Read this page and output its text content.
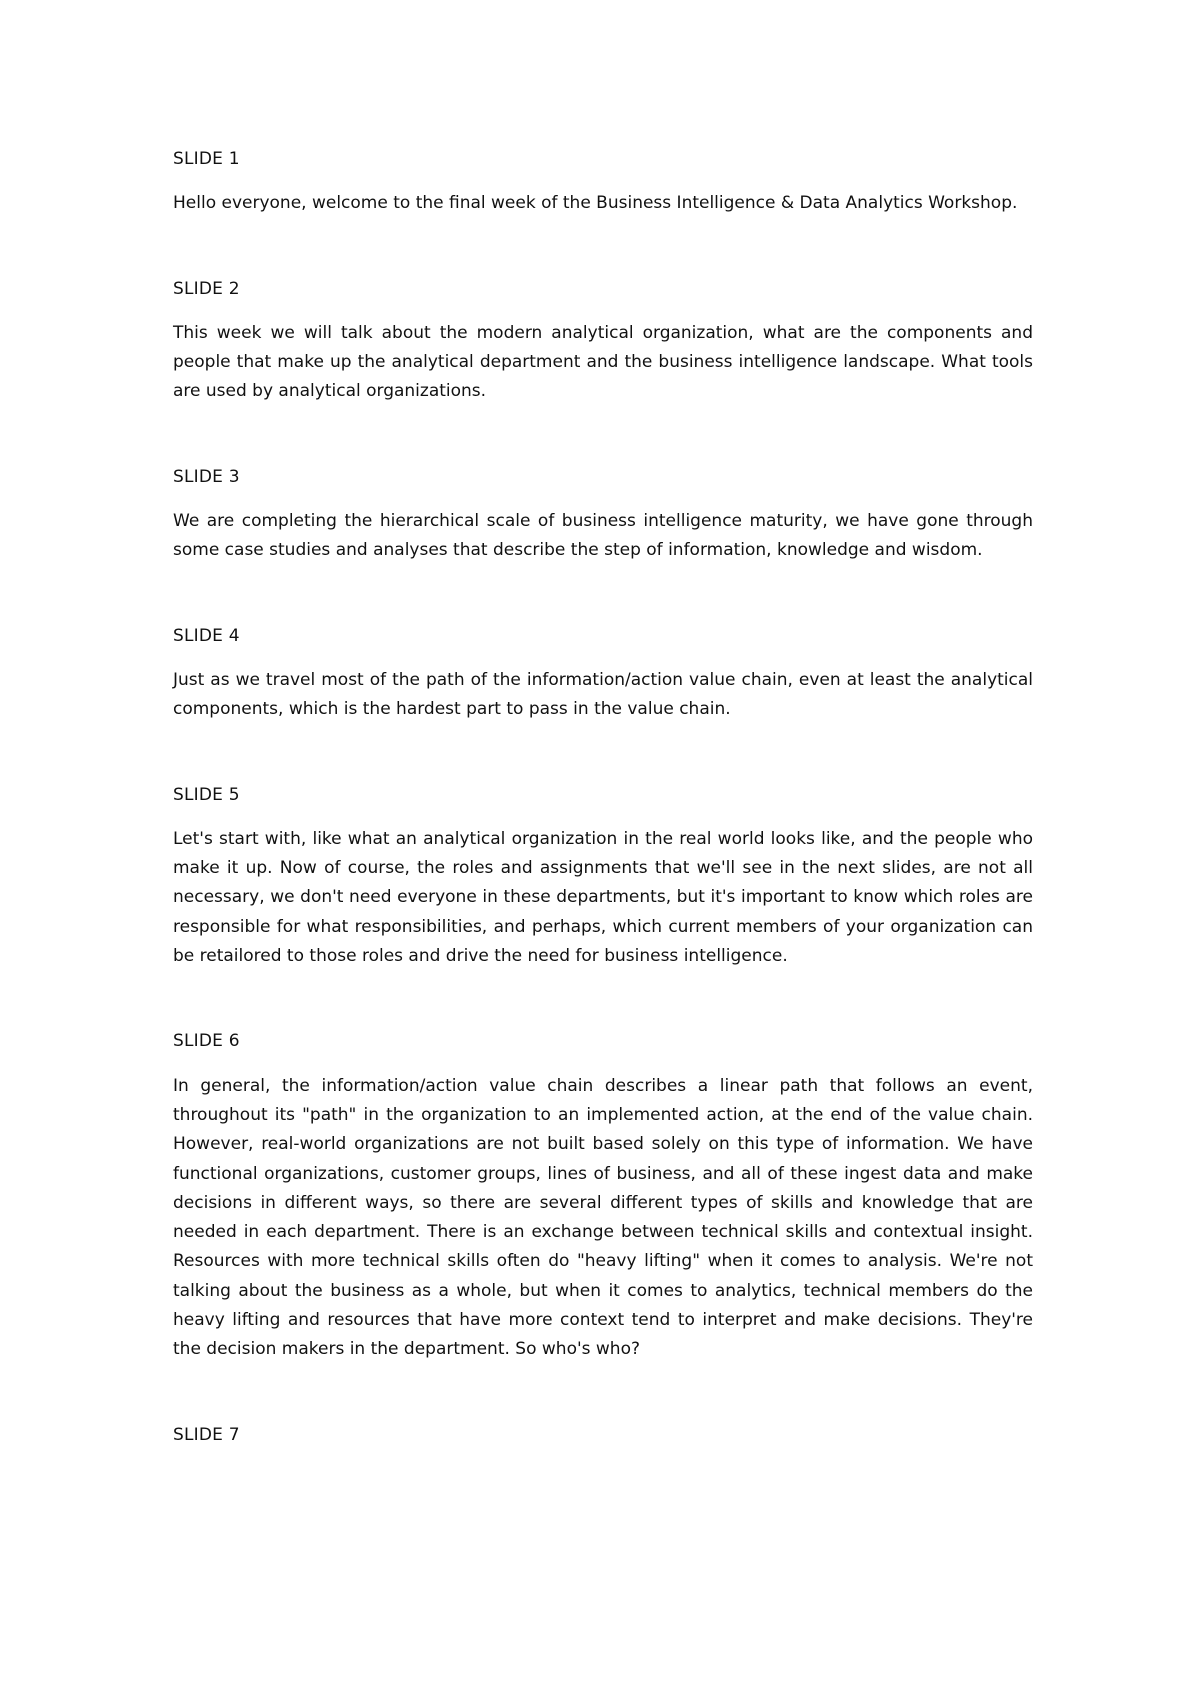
SLIDE 1

Hello everyone, welcome to the final week of the Business Intelligence & Data Analytics Workshop.

SLIDE 2

This week we will talk about the modern analytical organization, what are the components and people that make up the analytical department and the business intelligence landscape. What tools are used by analytical organizations.

SLIDE 3

We are completing the hierarchical scale of business intelligence maturity, we have gone through some case studies and analyses that describe the step of information, knowledge and wisdom.

SLIDE 4

Just as we travel most of the path of the information/action value chain, even at least the analytical components, which is the hardest part to pass in the value chain.

SLIDE 5

Let's start with, like what an analytical organization in the real world looks like, and the people who make it up. Now of course, the roles and assignments that we'll see in the next slides, are not all necessary, we don't need everyone in these departments, but it's important to know which roles are responsible for what responsibilities, and perhaps, which current members of your organization can be retailored to those roles and drive the need for business intelligence.

SLIDE 6

In general, the information/action value chain describes a linear path that follows an event, throughout its "path" in the organization to an implemented action, at the end of the value chain. However, real-world organizations are not built based solely on this type of information. We have functional organizations, customer groups, lines of business, and all of these ingest data and make decisions in different ways, so there are several different types of skills and knowledge that are needed in each department. There is an exchange between technical skills and contextual insight. Resources with more technical skills often do "heavy lifting" when it comes to analysis. We're not talking about the business as a whole, but when it comes to analytics, technical members do the heavy lifting and resources that have more context tend to interpret and make decisions. They're the decision makers in the department. So who's who?

SLIDE 7
